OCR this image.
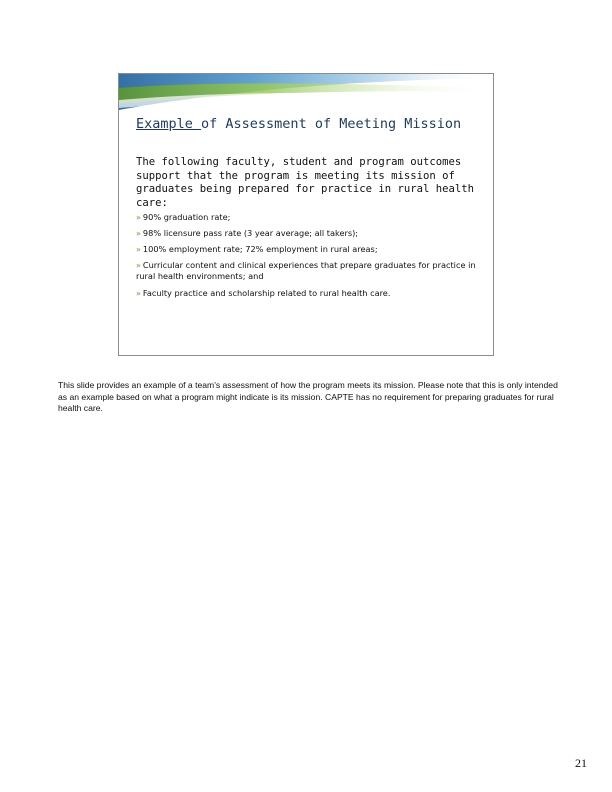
Example of Assessment of Meeting Mission

The following faculty, student and program outcomes support that the program is meeting its mission of graduates being prepared for practice in rural health care:

» 90% graduation rate;
» 98% licensure pass rate (3 year average; all takers);
» 100% employment rate; 72% employment in rural areas;
» Curricular content and clinical experiences that prepare graduates for practice in rural health environments; and
» Faculty practice and scholarship related to rural health care.

This slide provides an example of a team's assessment of how the program meets its mission. Please note that this is only intended as an example based on what a program might indicate is its mission. CAPTE has no requirement for preparing graduates for rural health care.

21
